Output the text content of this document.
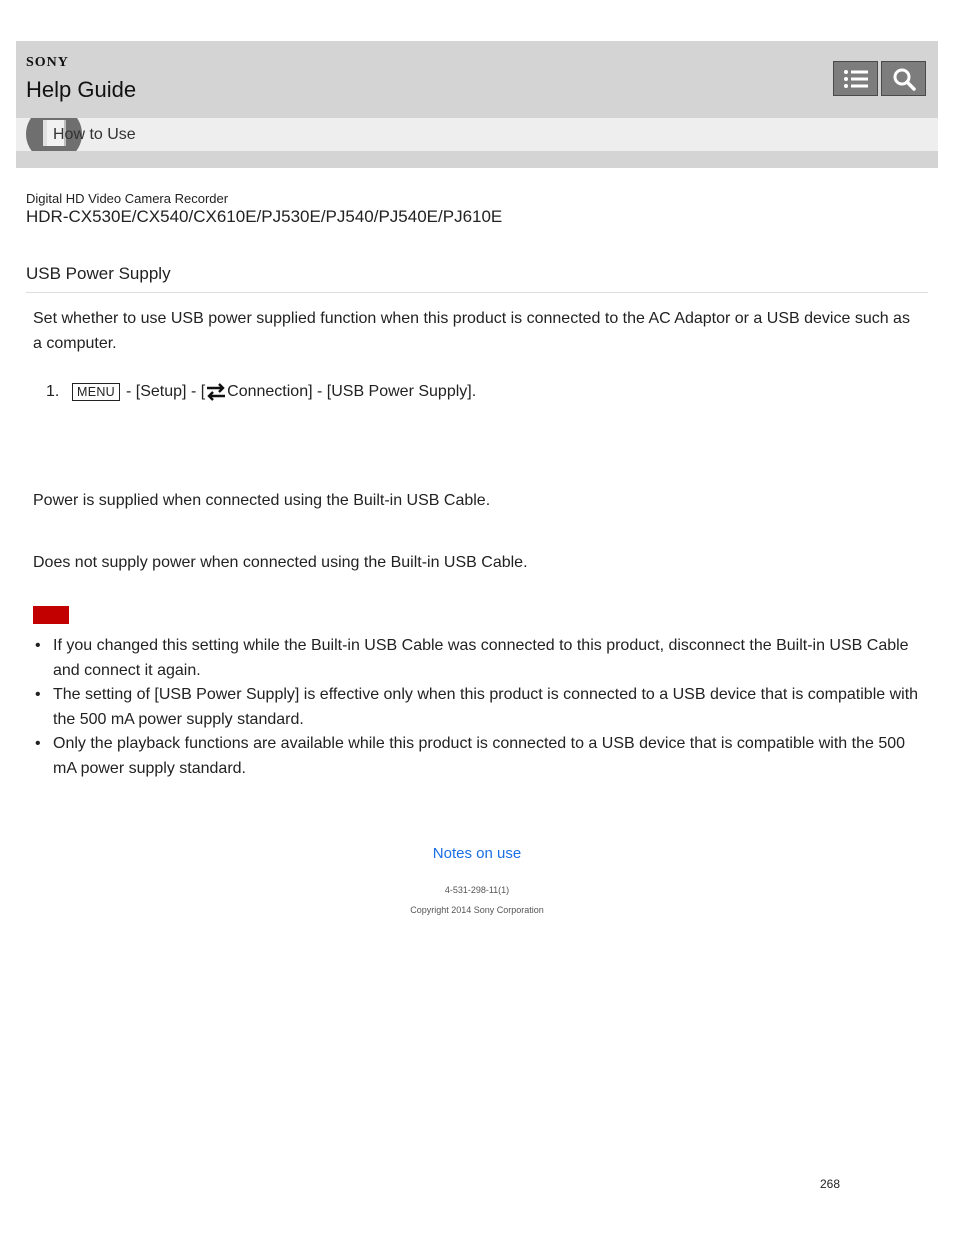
SONY
Help Guide
How to Use
Digital HD Video Camera Recorder
HDR-CX530E/CX540/CX610E/PJ530E/PJ540/PJ540E/PJ610E
USB Power Supply
Set whether to use USB power supplied function when this product is connected to the AC Adaptor or a USB device such as a computer.
1.	MENU - [Setup] - [ Connection] - [USB Power Supply].
Power is supplied when connected using the Built-in USB Cable.
Does not supply power when connected using the Built-in USB Cable.
• If you changed this setting while the Built-in USB Cable was connected to this product, disconnect the Built-in USB Cable and connect it again.
• The setting of [USB Power Supply] is effective only when this product is connected to a USB device that is compatible with the 500 mA power supply standard.
• Only the playback functions are available while this product is connected to a USB device that is compatible with the 500 mA power supply standard.
Notes on use
4-531-298-11(1)
Copyright 2014 Sony Corporation
268
